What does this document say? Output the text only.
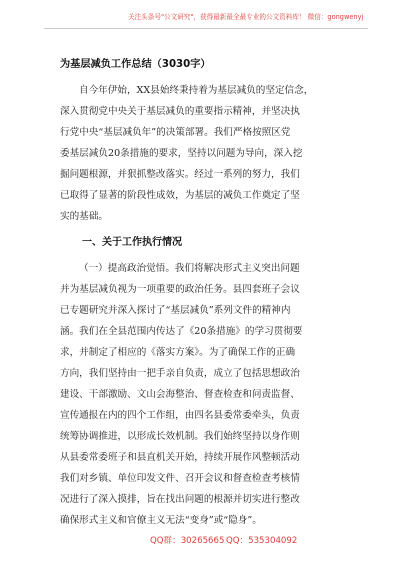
关注头条号"公文研究"，获得最新最全最专业的公文资料库！ 微信：gongwenyj
为基层减负工作总结（3030字）
自今年伊始，XX县始终秉持着为基层减负的坚定信念，
深入贯彻党中央关于基层减负的重要指示精神，并坚决执
行党中央“基层减负年”的决策部署。我们严格按照区党
委基层减负20条措施的要求，坚持以问题为导向，深入挖
掘问题根源，并狠抓整改落实。经过一系列的努力，我们
已取得了显著的阶段性成效，为基层的减负工作奠定了坚
实的基础。
一、关于工作执行情况
（一）提高政治觉悟。我们将解决形式主义突出问题
并为基层减负视为一项重要的政治任务。县四套班子会议
已专题研究并深入探讨了“基层减负”系列文件的精神内
涵。我们在全县范围内传达了《20条措施》的学习贯彻要
求，并制定了相应的《落实方案》。为了确保工作的正确
方向，我们坚持由一把手亲自负责，成立了包括思想政治
建设、干部激励、文山会海整治、督查检查和问责监督、
宣传通报在内的四个工作组，由四名县委常委牵头，负责
统筹协调推进，以形成长效机制。我们始终坚持以身作则
从县委常委班子和县直机关开始，持续开展作风整顿活动
我们对乡镇、单位印发文件、召开会议和督查检查考核情
况进行了深入摸排，旨在找出问题的根源并切实进行整改
确保形式主义和官僚主义无法“变身”或“隐身”。
QQ群：30265665 QQ：535304092
